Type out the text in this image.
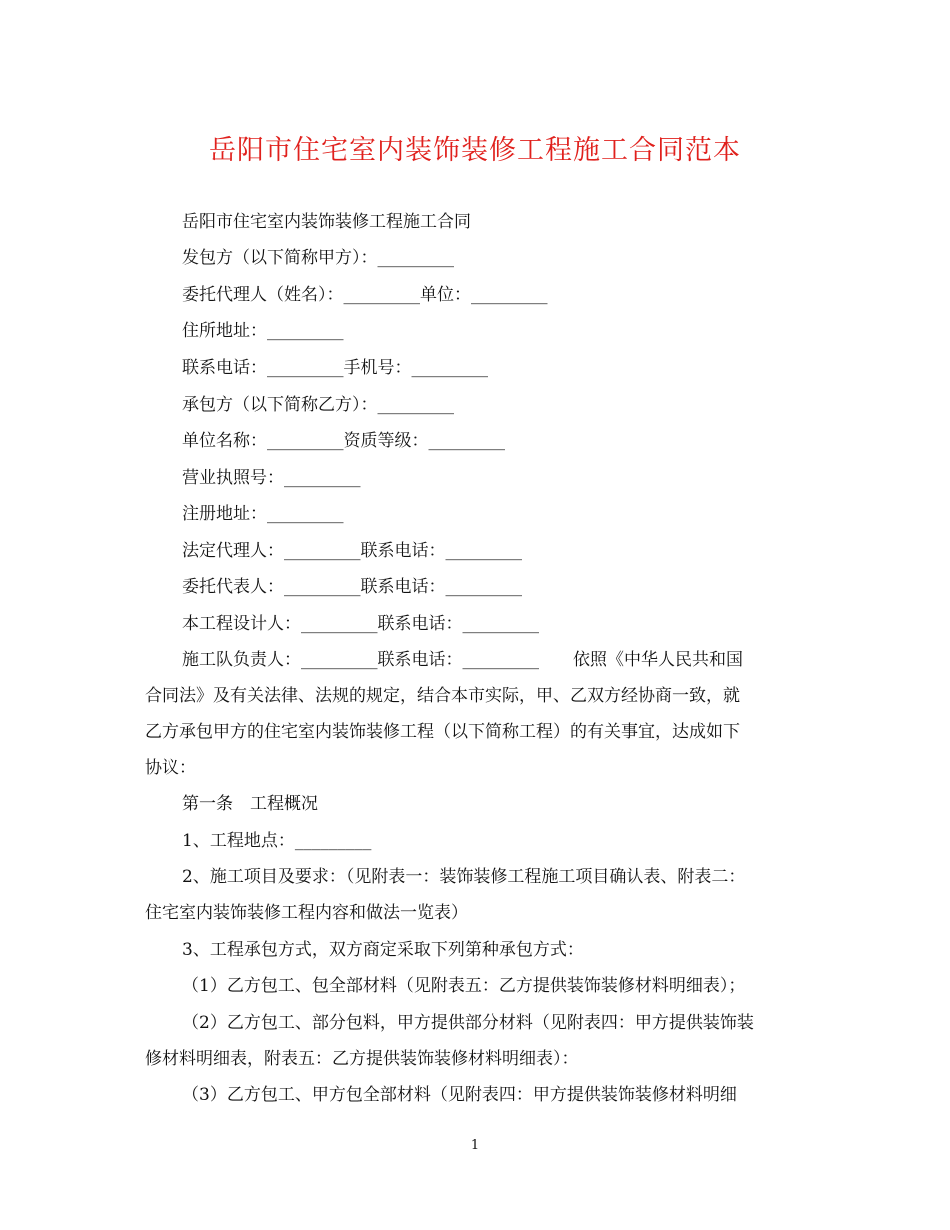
岳阳市住宅室内装饰装修工程施工合同范本
岳阳市住宅室内装饰装修工程施工合同
发包方（以下简称甲方）：_________
委托代理人（姓名）：_________单位：_________
住所地址：_________
联系电话：_________手机号：_________
承包方（以下简称乙方）：_________
单位名称：_________资质等级：_________
营业执照号：_________
注册地址：_________
法定代理人：_________联系电话：_________
委托代表人：_________联系电话：_________
本工程设计人：_________联系电话：_________
施工队负责人：_________联系电话：_________　　依照《中华人民共和国
合同法》及有关法律、法规的规定，结合本市实际，甲、乙双方经协商一致，就
乙方承包甲方的住宅室内装饰装修工程（以下简称工程）的有关事宜，达成如下
协议：
第一条　工程概况
1、工程地点：_________
2、施工项目及要求：（见附表一：装饰装修工程施工项目确认表、附表二：
住宅室内装饰装修工程内容和做法一览表）
3、工程承包方式，双方商定采取下列第种承包方式：
（1）乙方包工、包全部材料（见附表五：乙方提供装饰装修材料明细表）；
（2）乙方包工、部分包料，甲方提供部分材料（见附表四：甲方提供装饰装
修材料明细表，附表五：乙方提供装饰装修材料明细表）：
（3）乙方包工、甲方包全部材料（见附表四：甲方提供装饰装修材料明细
1
